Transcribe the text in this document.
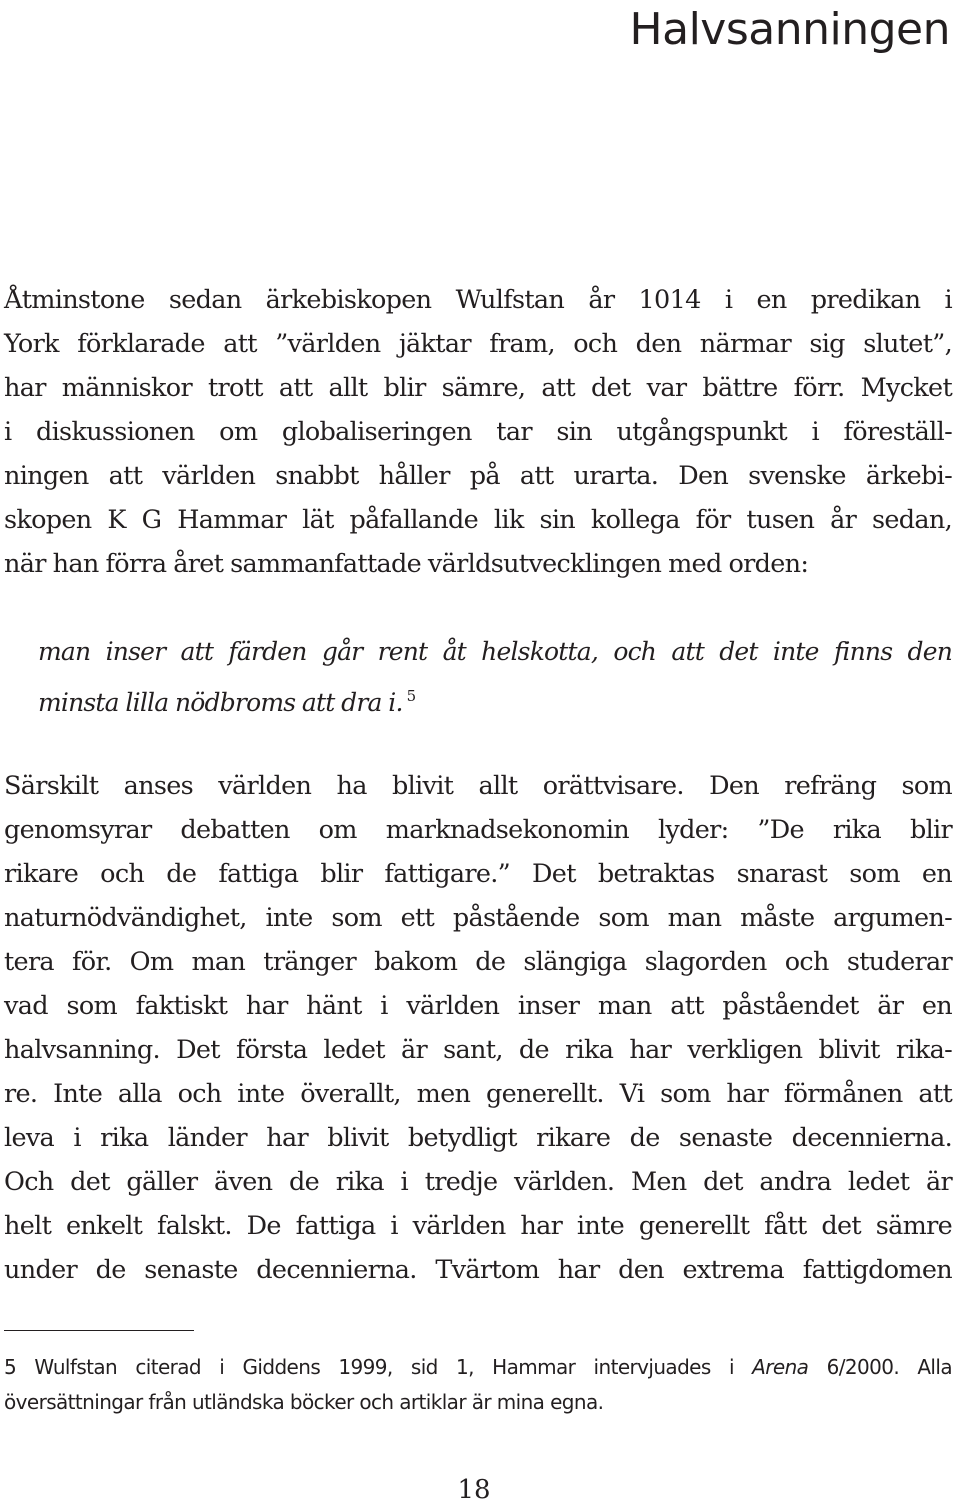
Halvsanningen
Åtminstone sedan ärkebiskopen Wulfstan år 1014 i en predikan i
York förklarade att ”världen jäktar fram, och den närmar sig slutet”,
har människor trott att allt blir sämre, att det var bättre förr. Mycket
i diskussionen om globaliseringen tar sin utgångspunkt i föreställ-
ningen att världen snabbt håller på att urarta. Den svenske ärkebi-
skopen K G Hammar lät påfallande lik sin kollega för tusen år sedan,
när han förra året sammanfattade världsutvecklingen med orden:
man inser att färden går rent åt helskotta, och att det inte finns den
minsta lilla nödbroms att dra i. $^5$
Särskilt anses världen ha blivit allt orättvisare. Den refräng som
genomsyrar debatten om marknadsekonomin lyder: ”De rika blir
rikare och de fattiga blir fattigare.” Det betraktas snarast som en
naturnödvändighet, inte som ett påstående som man måste argumen-
tera för. Om man tränger bakom de slängiga slagorden och studerar
vad som faktiskt har hänt i världen inser man att påståendet är en
halvsanning. Det första ledet är sant, de rika har verkligen blivit rika-
re. Inte alla och inte överallt, men generellt. Vi som har förmånen att
leva i rika länder har blivit betydligt rikare de senaste decennierna.
Och det gäller även de rika i tredje världen. Men det andra ledet är
helt enkelt falskt. De fattiga i världen har inte generellt fått det sämre
under de senaste decennierna. Tvärtom har den extrema fattigdomen
5 Wulfstan citerad i Giddens 1999, sid 1, Hammar intervjuades i Arena 6/2000. Alla
översättningar från utländska böcker och artiklar är mina egna.

18
